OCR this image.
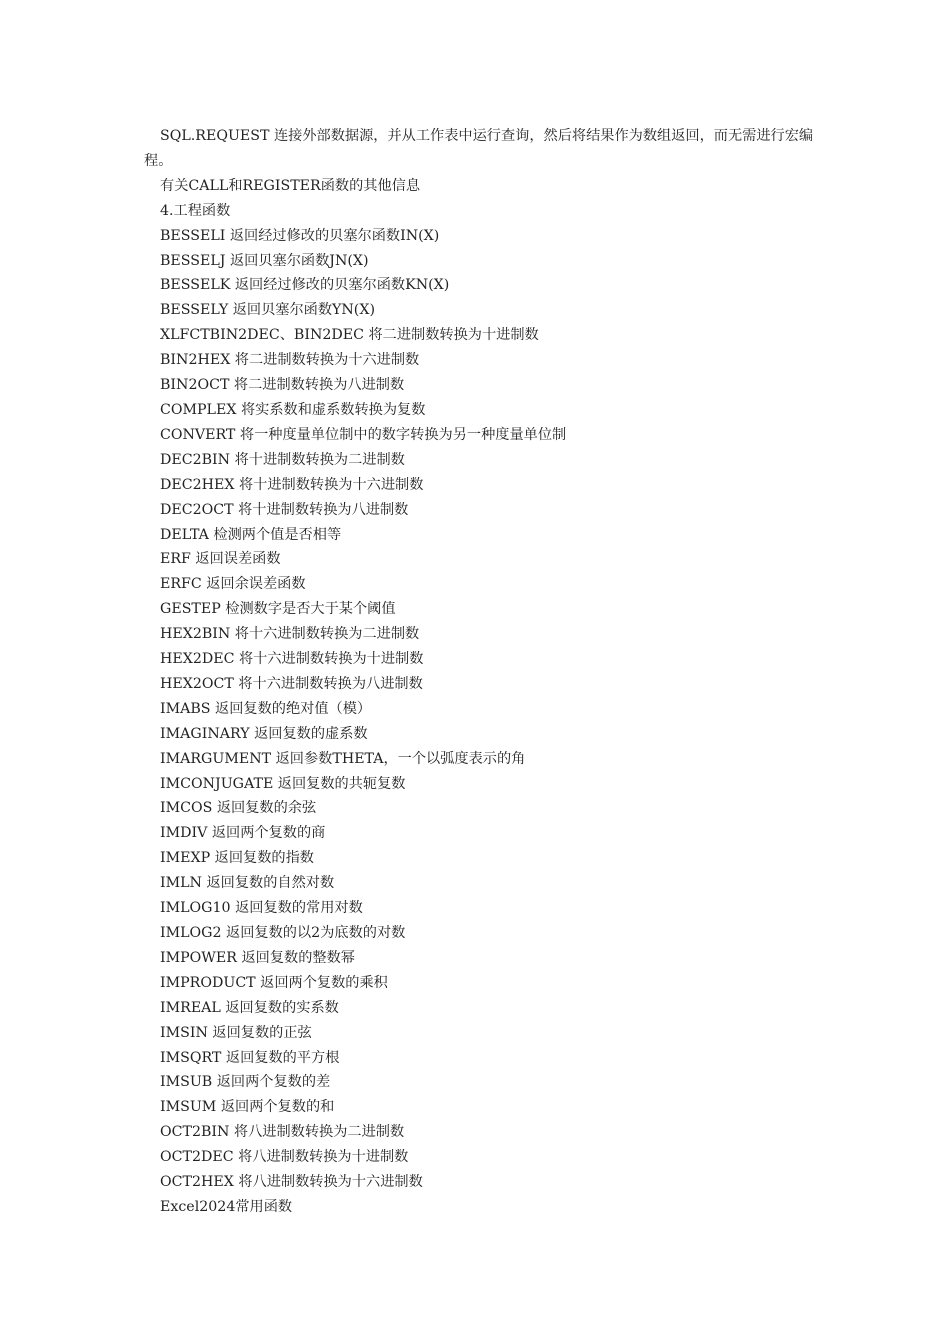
SQL.REQUEST 连接外部数据源，并从工作表中运行查询，然后将结果作为数组返回，而无需进行宏编程。

有关CALL和REGISTER函数的其他信息

4.工程函数

BESSELI 返回经过修改的贝塞尔函数IN(X)

BESSELJ 返回贝塞尔函数JN(X)

BESSELK 返回经过修改的贝塞尔函数KN(X)

BESSELY 返回贝塞尔函数YN(X)

XLFCTBIN2DEC、BIN2DEC 将二进制数转换为十进制数

BIN2HEX 将二进制数转换为十六进制数

BIN2OCT 将二进制数转换为八进制数

COMPLEX 将实系数和虚系数转换为复数

CONVERT 将一种度量单位制中的数字转换为另一种度量单位制

DEC2BIN 将十进制数转换为二进制数

DEC2HEX 将十进制数转换为十六进制数

DEC2OCT 将十进制数转换为八进制数

DELTA 检测两个值是否相等

ERF 返回误差函数

ERFC 返回余误差函数

GESTEP 检测数字是否大于某个阈值

HEX2BIN 将十六进制数转换为二进制数

HEX2DEC 将十六进制数转换为十进制数

HEX2OCT 将十六进制数转换为八进制数

IMABS 返回复数的绝对值（模）

IMAGINARY 返回复数的虚系数

IMARGUMENT 返回参数THETA，一个以弧度表示的角

IMCONJUGATE 返回复数的共轭复数

IMCOS 返回复数的余弦

IMDIV 返回两个复数的商

IMEXP 返回复数的指数

IMLN 返回复数的自然对数

IMLOG10 返回复数的常用对数

IMLOG2 返回复数的以2为底数的对数

IMPOWER 返回复数的整数幂

IMPRODUCT 返回两个复数的乘积

IMREAL 返回复数的实系数

IMSIN 返回复数的正弦

IMSQRT 返回复数的平方根

IMSUB 返回两个复数的差

IMSUM 返回两个复数的和

OCT2BIN 将八进制数转换为二进制数

OCT2DEC 将八进制数转换为十进制数

OCT2HEX 将八进制数转换为十六进制数

Excel2024常用函数
